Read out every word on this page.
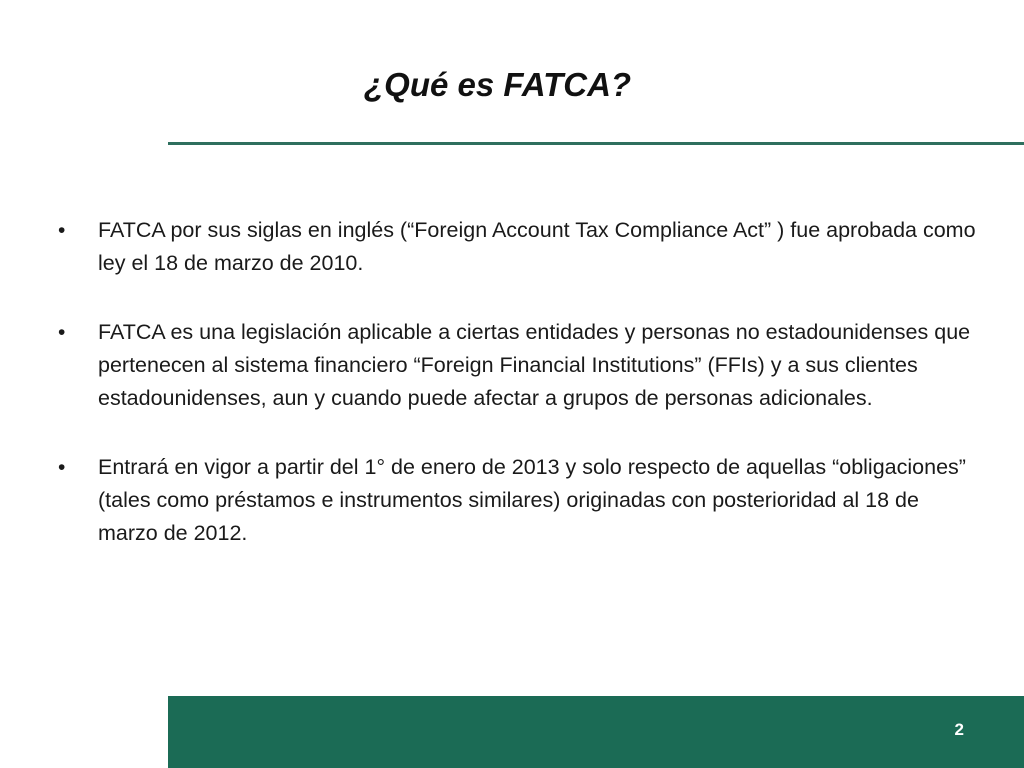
¿Qué es FATCA?
• FATCA por sus siglas en inglés (“Foreign Account Tax Compliance Act” ) fue aprobada como ley el 18 de marzo de 2010.
• FATCA es una legislación aplicable a ciertas entidades y personas no estadounidenses que pertenecen al sistema financiero “Foreign Financial Institutions” (FFIs) y a sus clientes estadounidenses, aun y cuando puede afectar a grupos de personas adicionales.
• Entrará en vigor a partir del 1° de enero de 2013 y solo respecto de aquellas “obligaciones” (tales como préstamos e instrumentos similares) originadas con posterioridad al 18 de marzo de 2012.
2
